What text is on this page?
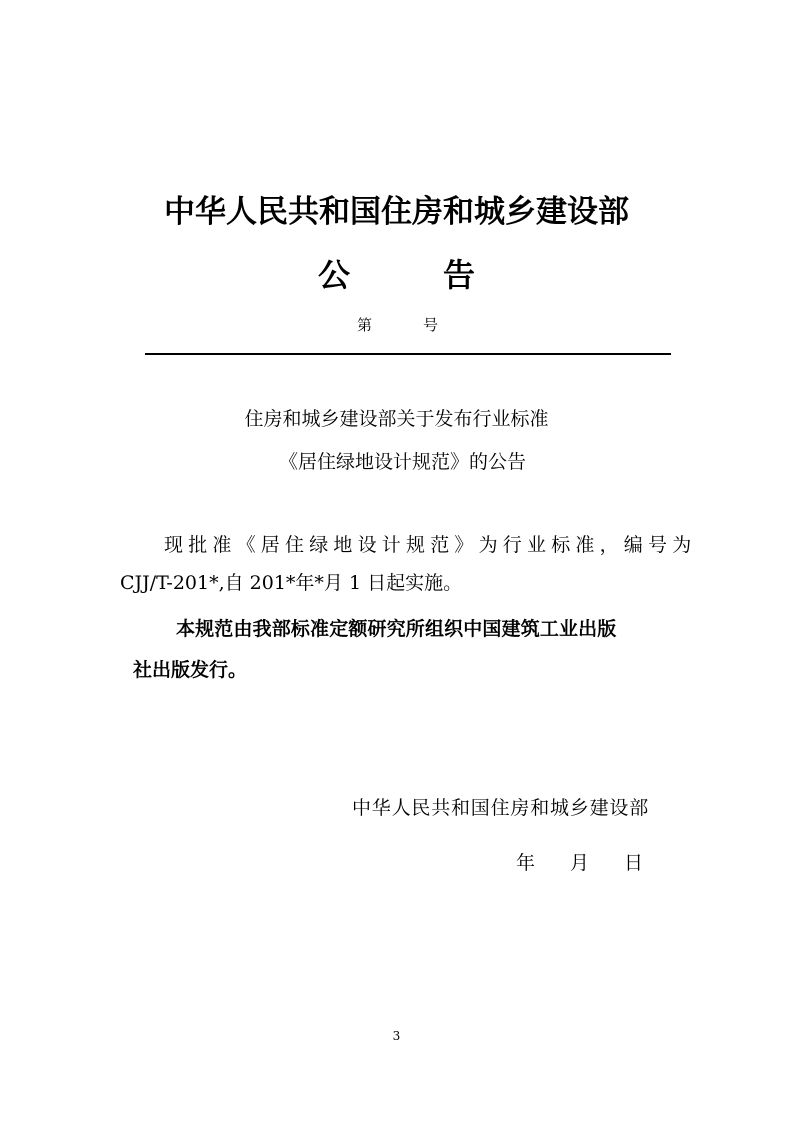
中华人民共和国住房和城乡建设部
公	告
第	号
住房和城乡建设部关于发布行业标准
《居住绿地设计规范》的公告
现批准《居住绿地设计规范》为行业标准，编号为
CJJ/T-201*,自 201*年*月 1 日起实施。
本规范由我部标准定额研究所组织中国建筑工业出版
社出版发行。
中华人民共和国住房和城乡建设部
年 月 日
3
